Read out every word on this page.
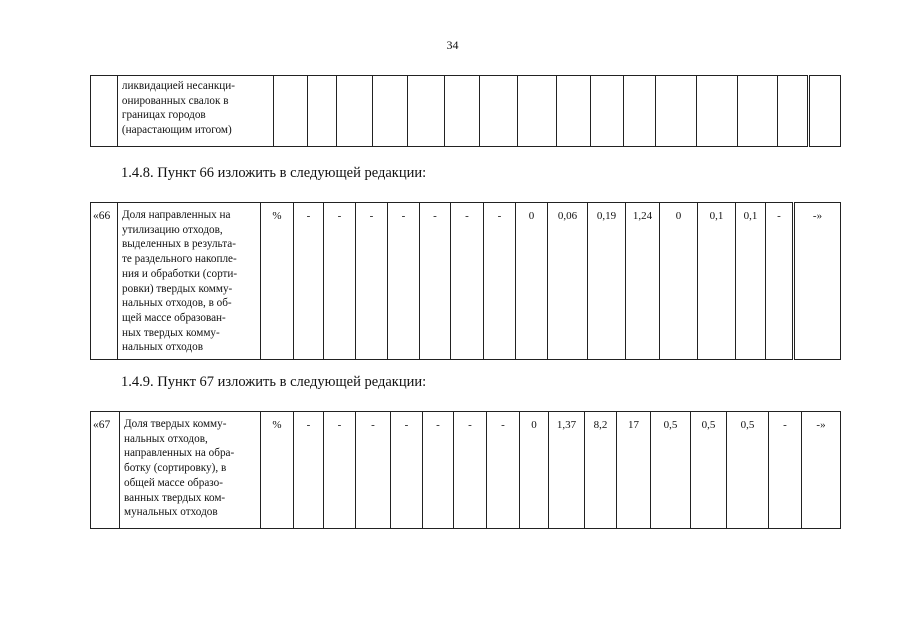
34

ликвидацией несанкци-
онированных свалок в
границах городов
(нарастающим итогом)

1.4.8. Пункт 66 изложить в следующей редакции:
«66	Доля направленных на
утилизацию отходов,
выделенных в результа-
те раздельного накопле-
ния и обработки (сорти-
ровки) твердых комму-
нальных отходов, в об-
щей массе образован-
ных твердых комму-
нальных отходов
	%	-	-	-	-	-	-	-	0	0,06	0,19	1,24	0	0,1	0,1	-	-»
1.4.9. Пункт 67 изложить в следующей редакции:
«67	Доля твердых комму-
нальных отходов,
направленных на обра-
ботку (сортировку), в
общей массе образо-
ванных твердых ком-
мунальных отходов
	%	-	-	-	-	-	-	-	0	1,37	8,2	17	0,5	0,5	0,5	-	-»
